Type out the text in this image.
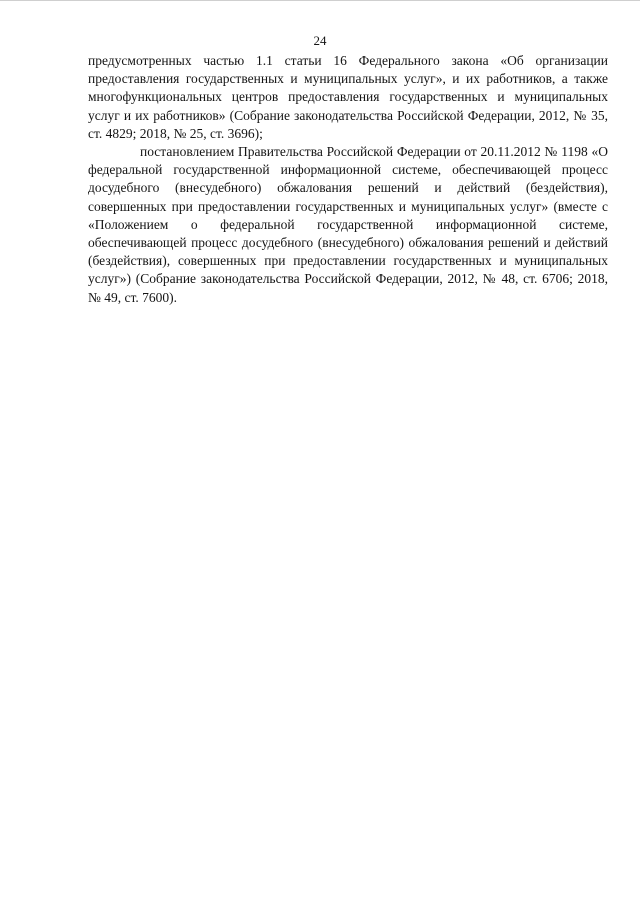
24

предусмотренных частью 1.1 статьи 16 Федерального закона «Об организации предоставления государственных и муниципальных услуг», и их работников, а также многофункциональных центров предоставления государственных и муниципальных услуг и их работников» (Собрание законодательства Российской Федерации, 2012, № 35, ст. 4829; 2018, № 25, ст. 3696);

постановлением Правительства Российской Федерации от 20.11.2012 № 1198 «О федеральной государственной информационной системе, обеспечивающей процесс досудебного (внесудебного) обжалования решений и действий (бездействия), совершенных при предоставлении государственных и муниципальных услуг» (вместе с «Положением о федеральной государственной информационной системе, обеспечивающей процесс досудебного (внесудебного) обжалования решений и действий (бездействия), совершенных при предоставлении государственных и муниципальных услуг») (Собрание законодательства Российской Федерации, 2012, № 48, ст. 6706; 2018, № 49, ст. 7600).
